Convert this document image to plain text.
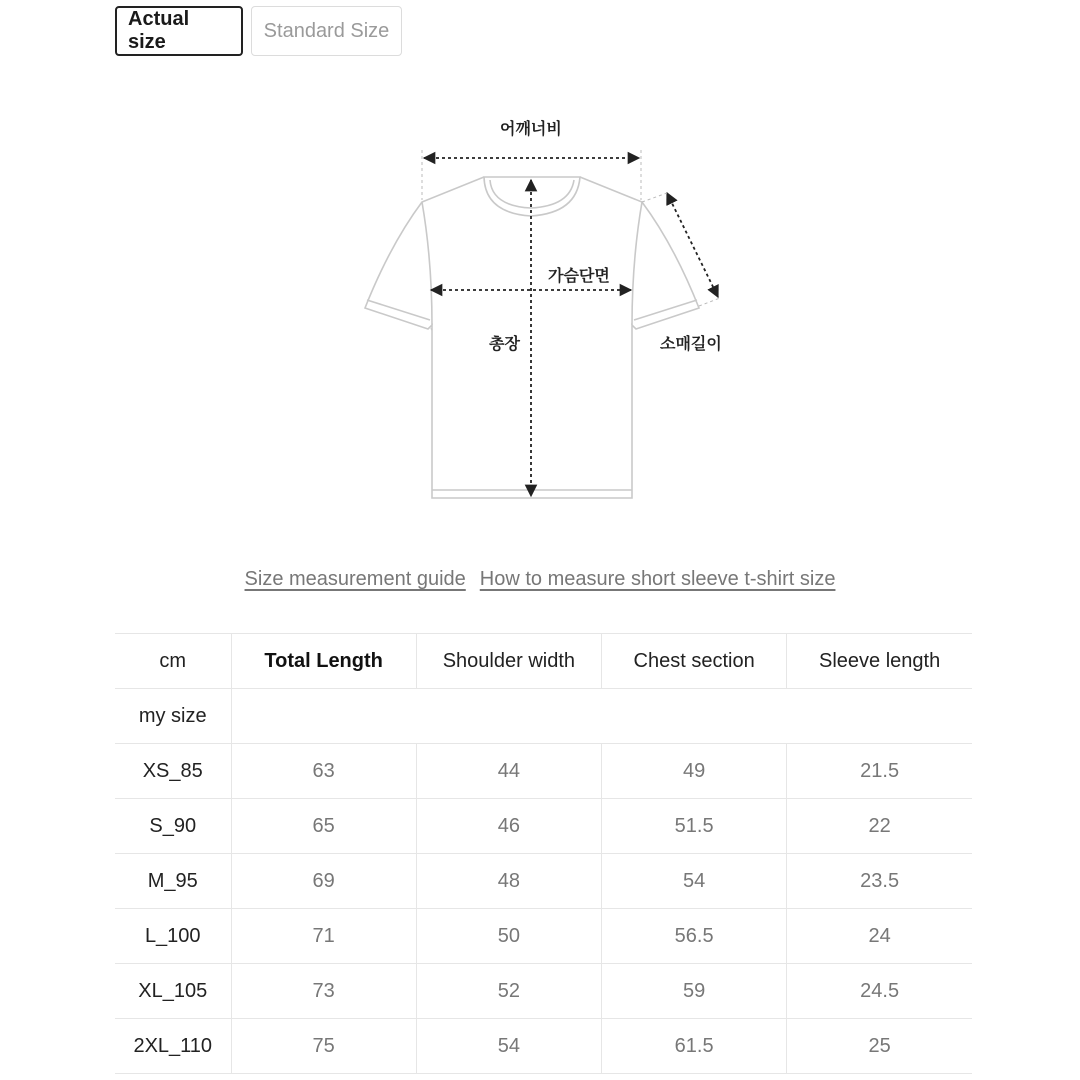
Actual size
Standard Size
어깨너비
가슴단면
총장	소매길이
Size measurement guide How to measure short sleeve t-shirt size
cm	Total Length	Shoulder width	Chest section	Sleeve length
my size				
XS_85	63	44	49	21.5
S_90	65	46	51.5	22
M_95	69	48	54	23.5
L_100	71	50	56.5	24
XL_105	73	52	59	24.5
2XL_110	75	54	61.5	25
